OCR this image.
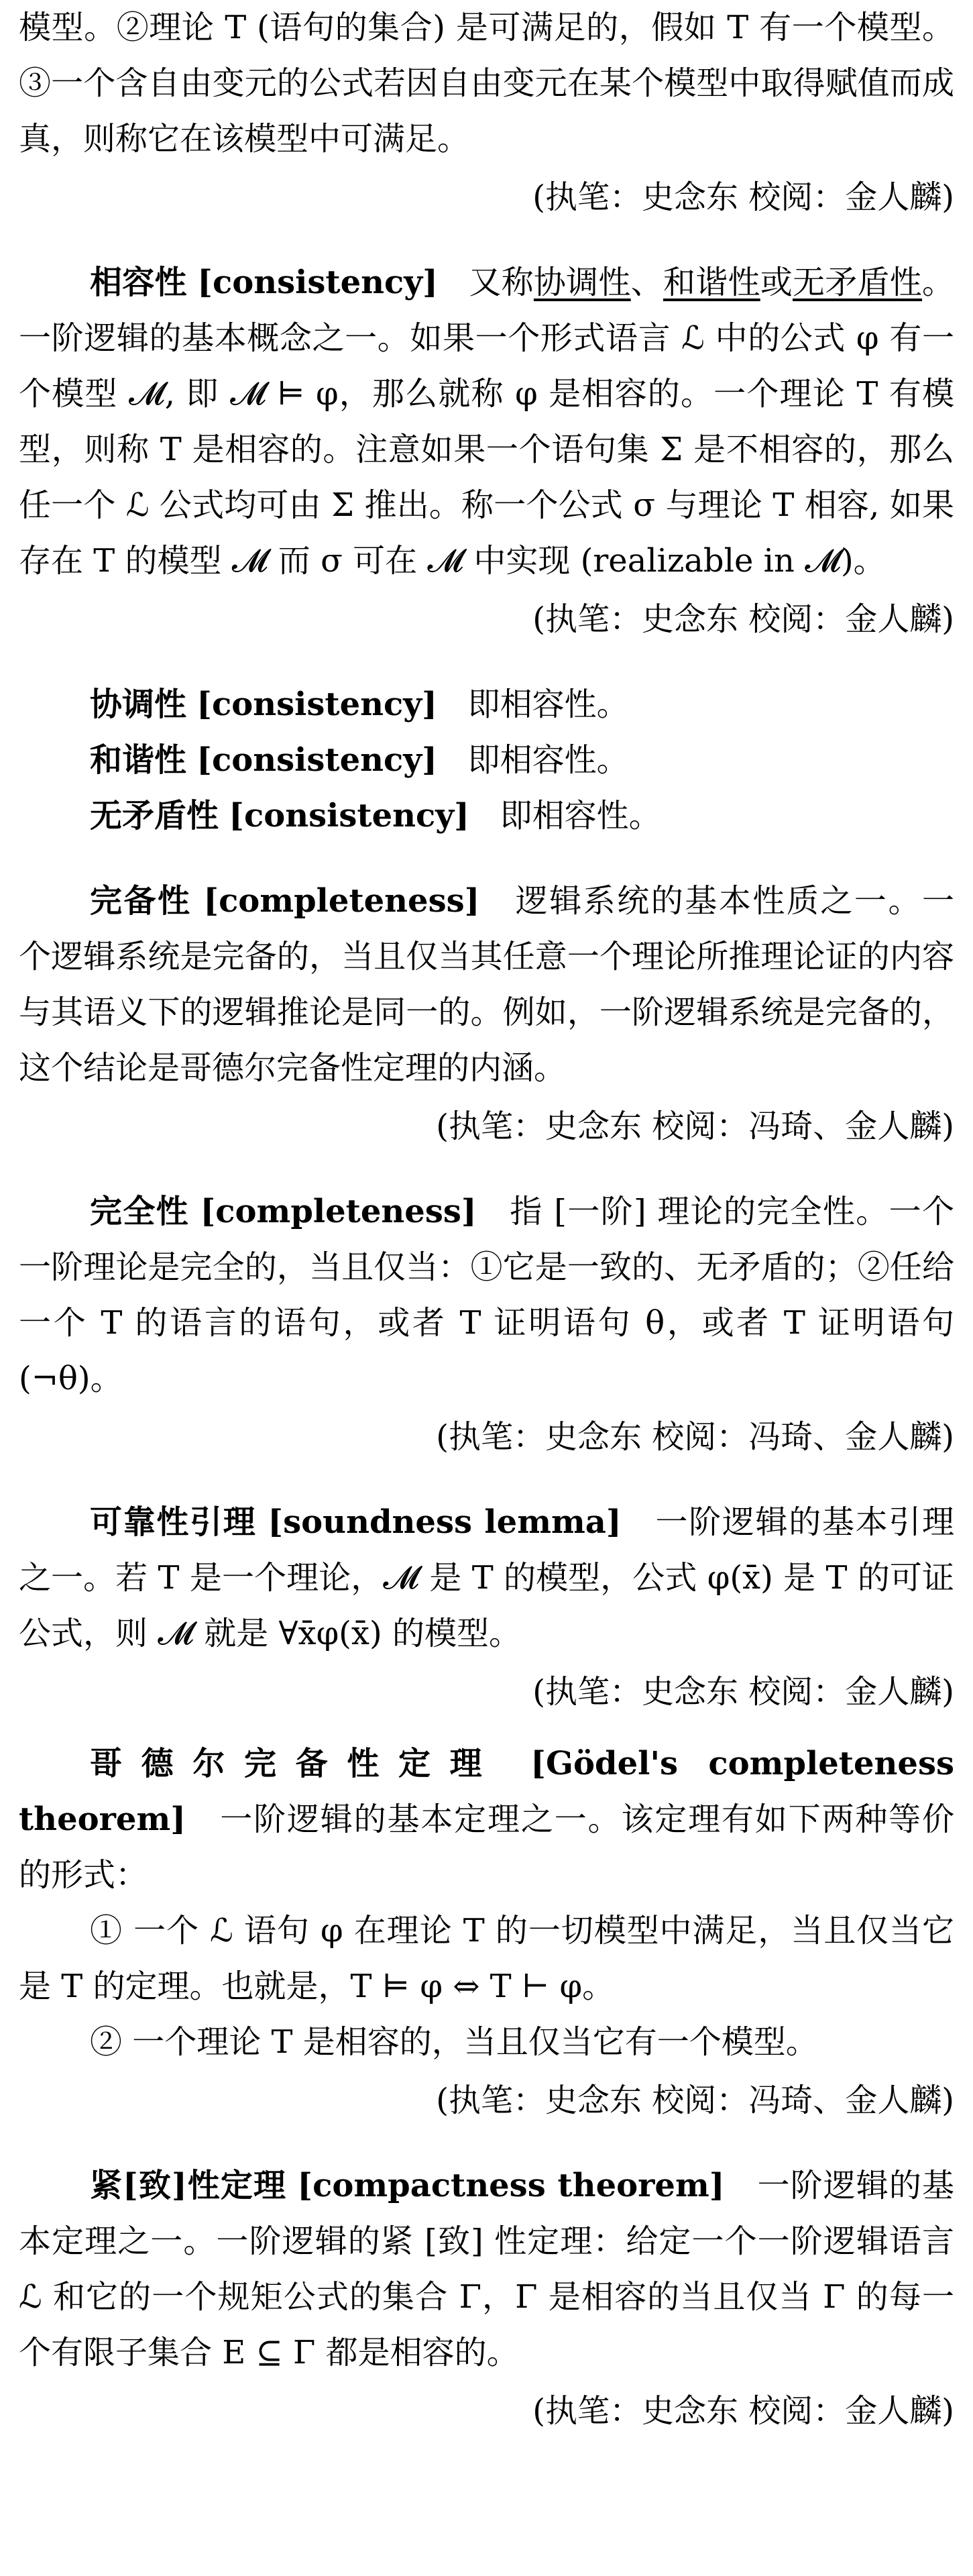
模型。②理论 T (语句的集合) 是可满足的，假如 T 有一个模型。③一个含自由变元的公式若因自由变元在某个模型中取得赋值而成真，则称它在该模型中可满足。

(执笔：史念东 校阅：金人麟)

相容性 [consistency] 又称协调性、和谐性或无矛盾性。一阶逻辑的基本概念之一。如果一个形式语言 ℒ 中的公式 φ 有一个模型 𝓜, 即 𝓜 ⊨ φ，那么就称 φ 是相容的。一个理论 T 有模型，则称 T 是相容的。注意如果一个语句集 Σ 是不相容的，那么任一个 ℒ 公式均可由 Σ 推出。称一个公式 σ 与理论 T 相容, 如果存在 T 的模型 𝓜 而 σ 可在 𝓜 中实现 (realizable in 𝓜)。

(执笔：史念东 校阅：金人麟)

协调性 [consistency] 即相容性。

和谐性 [consistency] 即相容性。

无矛盾性 [consistency] 即相容性。

完备性 [completeness] 逻辑系统的基本性质之一。一个逻辑系统是完备的，当且仅当其任意一个理论所推理论证的内容与其语义下的逻辑推论是同一的。例如，一阶逻辑系统是完备的，这个结论是哥德尔完备性定理的内涵。

(执笔：史念东 校阅：冯琦、金人麟)

完全性 [completeness] 指 [一阶] 理论的完全性。一个一阶理论是完全的，当且仅当：①它是一致的、无矛盾的；②任给一个 T 的语言的语句，或者 T 证明语句 θ，或者 T 证明语句 (¬θ)。

(执笔：史念东 校阅：冯琦、金人麟)

可靠性引理 [soundness lemma] 一阶逻辑的基本引理之一。若 T 是一个理论，𝓜 是 T 的模型，公式 φ(x̄) 是 T 的可证公式，则 𝓜 就是 ∀x̄φ(x̄) 的模型。

(执笔：史念东 校阅：金人麟)

哥德尔完备性定理 [Gödel's completeness theorem] 一阶逻辑的基本定理之一。该定理有如下两种等价的形式：

① 一个 ℒ 语句 φ 在理论 T 的一切模型中满足，当且仅当它是 T 的定理。也就是，T ⊨ φ ⇔ T ⊢ φ。

② 一个理论 T 是相容的，当且仅当它有一个模型。

(执笔：史念东 校阅：冯琦、金人麟)

紧[致]性定理 [compactness theorem] 一阶逻辑的基本定理之一。一阶逻辑的紧 [致] 性定理：给定一个一阶逻辑语言 ℒ 和它的一个规矩公式的集合 Γ，Γ 是相容的当且仅当 Γ 的每一个有限子集合 E ⊆ Γ 都是相容的。

(执笔：史念东 校阅：金人麟)
